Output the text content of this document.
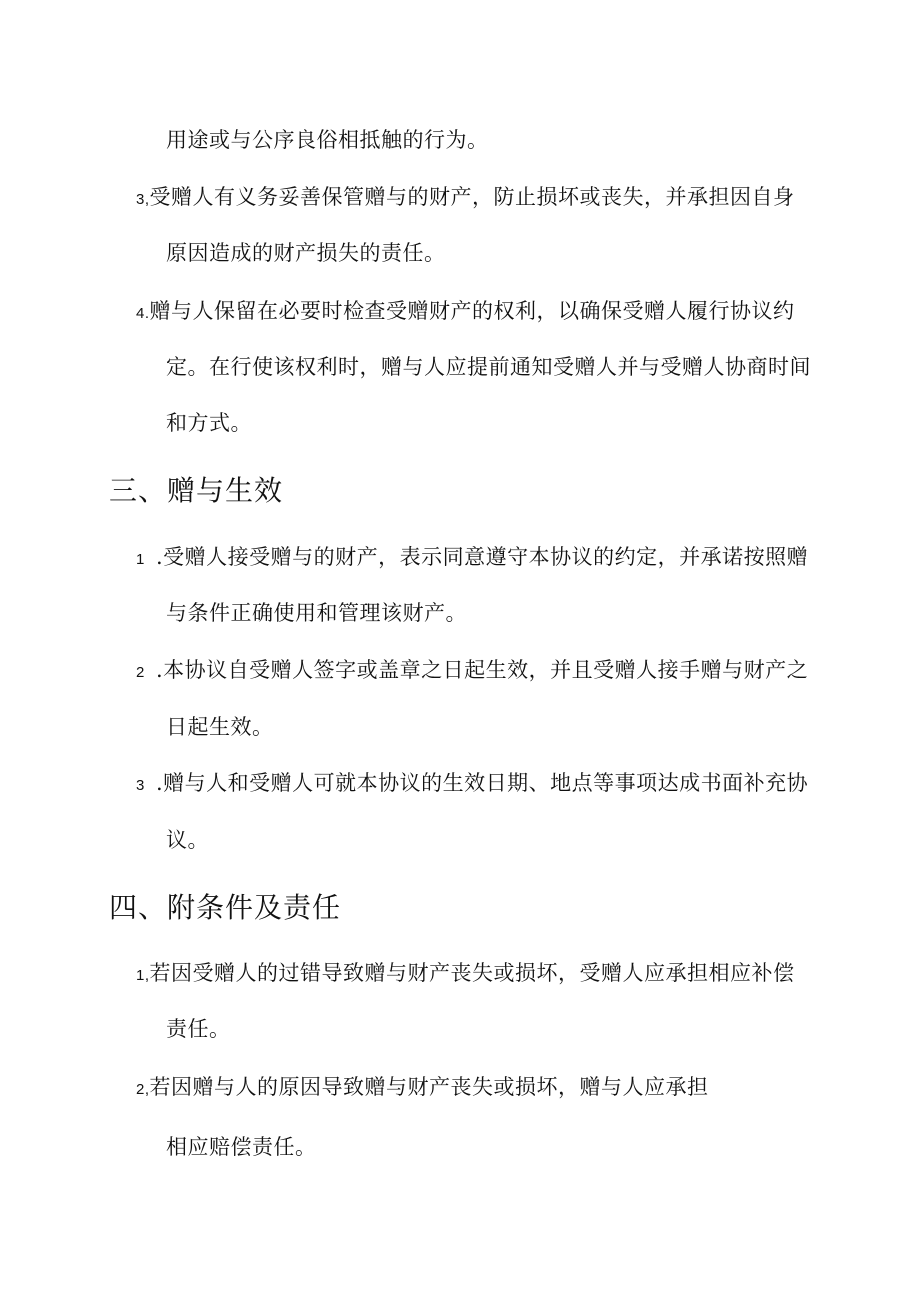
用途或与公序良俗相抵触的行为。
3,受赠人有义务妥善保管赠与的财产，防止损坏或丧失，并承担因自身
原因造成的财产损失的责任。
4.赠与人保留在必要时检查受赠财产的权利，以确保受赠人履行协议约
定。在行使该权利时，赠与人应提前通知受赠人并与受赠人协商时间
和方式。
三、赠与生效
1 .受赠人接受赠与的财产，表示同意遵守本协议的约定，并承诺按照赠
与条件正确使用和管理该财产。
2 .本协议自受赠人签字或盖章之日起生效，并且受赠人接手赠与财产之
日起生效。
3 .赠与人和受赠人可就本协议的生效日期、地点等事项达成书面补充协
议。
四、附条件及责任
1,若因受赠人的过错导致赠与财产丧失或损坏，受赠人应承担相应补偿
责任。
2,若因赠与人的原因导致赠与财产丧失或损坏，赠与人应承担
相应赔偿责任。
